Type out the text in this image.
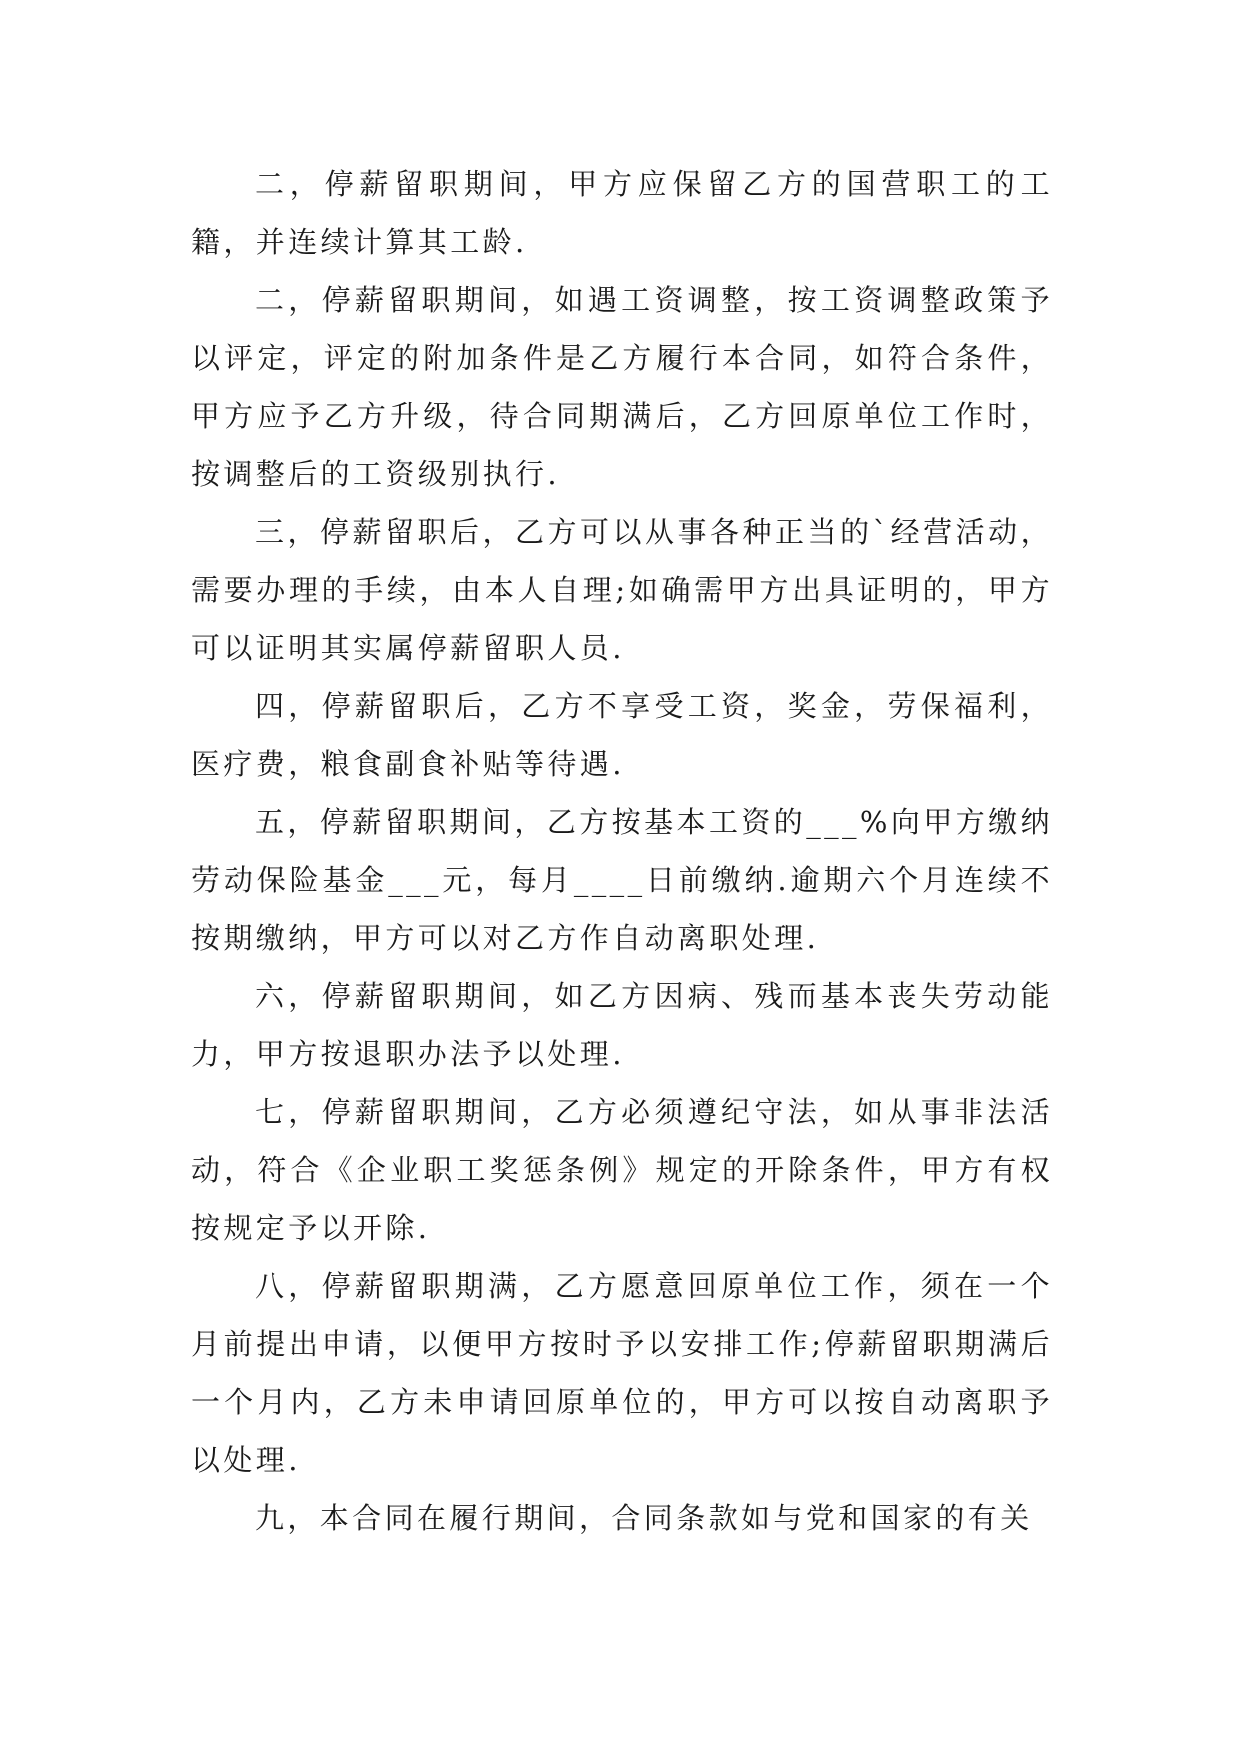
二，停薪留职期间，甲方应保留乙方的国营职工的工籍，并连续计算其工龄.

二，停薪留职期间，如遇工资调整，按工资调整政策予以评定，评定的附加条件是乙方履行本合同，如符合条件，甲方应予乙方升级，待合同期满后，乙方回原单位工作时，按调整后的工资级别执行.

三，停薪留职后，乙方可以从事各种正当的`经营活动，需要办理的手续，由本人自理;如确需甲方出具证明的，甲方可以证明其实属停薪留职人员.

四，停薪留职后，乙方不享受工资，奖金，劳保福利，医疗费，粮食副食补贴等待遇.

五，停薪留职期间，乙方按基本工资的___%向甲方缴纳劳动保险基金___元，每月____日前缴纳.逾期六个月连续不按期缴纳，甲方可以对乙方作自动离职处理.

六，停薪留职期间，如乙方因病、残而基本丧失劳动能力，甲方按退职办法予以处理.

七，停薪留职期间，乙方必须遵纪守法，如从事非法活动，符合《企业职工奖惩条例》规定的开除条件，甲方有权按规定予以开除.

八，停薪留职期满，乙方愿意回原单位工作，须在一个月前提出申请，以便甲方按时予以安排工作;停薪留职期满后一个月内，乙方未申请回原单位的，甲方可以按自动离职予以处理.

九，本合同在履行期间，合同条款如与党和国家的有关
